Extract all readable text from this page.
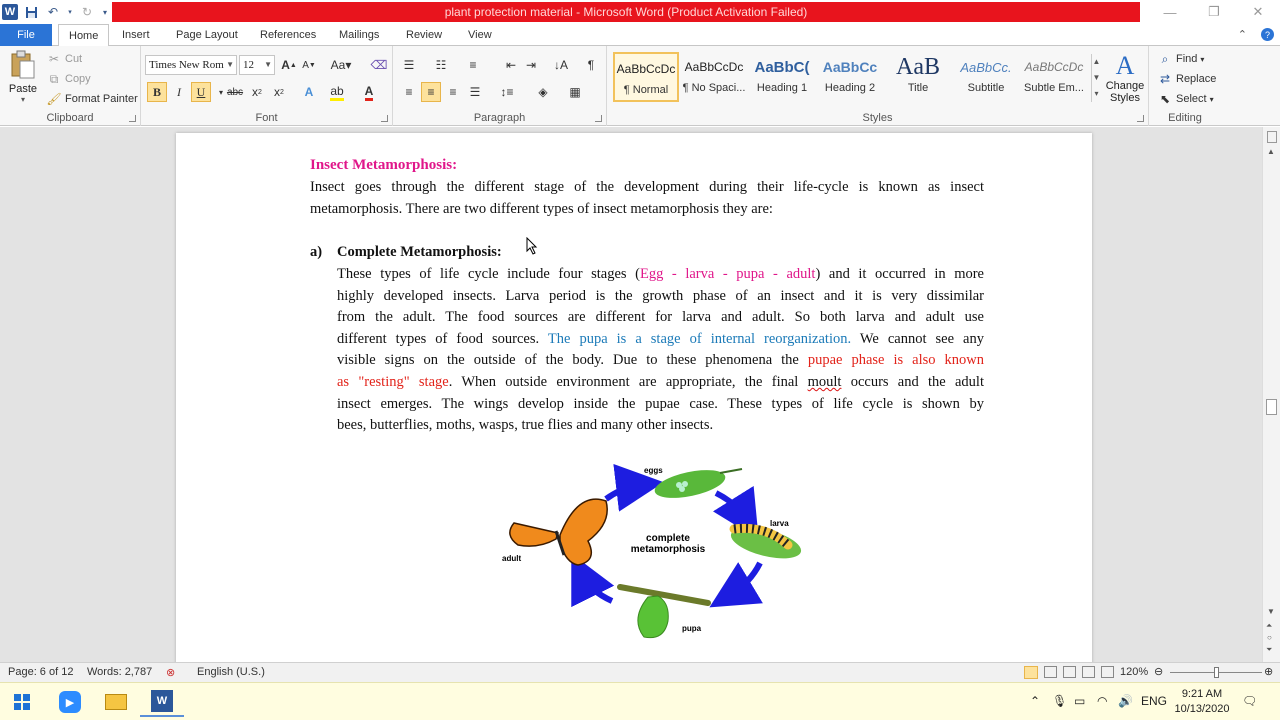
W	↶	▾ ↻	▾	plant protection material - Microsoft Word (Product Activation Failed)	—	❐	✕
File	Home	Insert	Page Layout	References	Mailings	Review	View	⌃	?
Paste
▾
✂ Cut
⧉ Copy
🖌 Format Painter
Clipboard
Times New Rom ▼ 12 ▼ A ▲ A ▼ Aa▾ ⌫
B	I	U	▾ abc x 2	x 2	A	ab A
Font
☰	☷	≡	⇤ ⇥	↓A	¶
≡	≡	≡	☰	↕≡	◈	▦
Paragraph
AaBbCcDc
¶ Normal
AaBbCcDc
¶ No Spaci...
AaBbC(
Heading 1
AaBbCc
Heading 2
AaB
Title
AaBbCc.
Subtitle
AaBbCcDc
Subtle Em...
▲
▼
▾
A
Change Styles
Styles
⌕ Find ▾
⇄ Replace
⬉ Select ▾
Editing
Insect Metamorphosis:
Insect goes through the different stage of the development during their life-cycle is known as insect
metamorphosis. There are two different types of insect metamorphosis they are:
a) Complete Metamorphosis:
These types of life cycle include four stages (Egg - larva - pupa - adult) and it occurred in more
highly developed insects. Larva period is the growth phase of an insect and it is very dissimilar
from the adult. The food sources are different for larva and adult. So both larva and adult use
different types of food sources. The pupa is a stage of internal reorganization. We cannot see any
visible signs on the outside of the body. Due to these phenomena the pupae phase is also known
as "resting" stage. When outside environment are appropriate, the final moult occurs and the adult
insect emerges. The wings develop inside the pupae case. These types of life cycle is shown by
bees, butterflies, moths, wasps, true flies and many other insects.
eggs
larva
pupa
adult
complete
metamorphosis
▲
▼
⏶
○
⏷
Page: 6 of 12 Words: 2,787 ⊗ English (U.S.)	120% ⊖	⊕
▶	W	⌃ 🎙 ▭ ◠ 🔊 ENG	9:21 AM
10/13/2020
🗨
